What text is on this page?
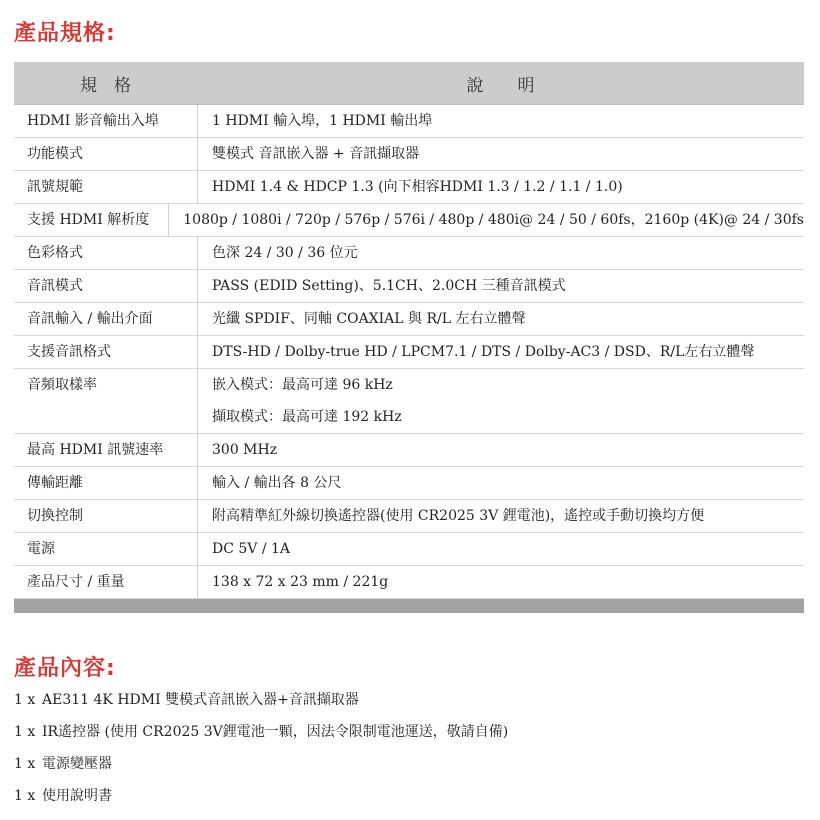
產品規格:
規　格	說　　明
HDMI 影音輸出入埠	1 HDMI 輸入埠，1 HDMI 輸出埠
功能模式	雙模式 音訊嵌入器 + 音訊擷取器
訊號規範	HDMI 1.4 & HDCP 1.3 (向下相容HDMI 1.3 / 1.2 / 1.1 / 1.0)
支援 HDMI 解析度	1080p / 1080i / 720p / 576p / 576i / 480p / 480i@ 24 / 50 / 60fs，2160p (4K)@ 24 / 30fs
色彩格式	色深 24 / 30 / 36 位元
音訊模式	PASS (EDID Setting)、5.1CH、2.0CH 三種音訊模式
音訊輸入 / 輸出介面	光纖 SPDIF、同軸 COAXIAL 與 R/L 左右立體聲
支援音訊格式	DTS-HD / Dolby-true HD / LPCM7.1 / DTS / Dolby-AC3 / DSD、R/L左右立體聲
音頻取樣率	嵌入模式：最高可達 96 kHz
擷取模式：最高可達 192 kHz
最高 HDMI 訊號速率	300 MHz
傳輸距離	輸入 / 輸出各 8 公尺
切換控制	附高精準紅外線切換遙控器(使用 CR2025 3V 鋰電池)，遙控或手動切換均方便
電源	DC 5V / 1A
產品尺寸 / 重量	138 x 72 x 23 mm / 221g
產品內容:
1 x AE311 4K HDMI 雙模式音訊嵌入器+音訊擷取器
1 x IR遙控器 (使用 CR2025 3V鋰電池一顆，因法令限制電池運送，敬請自備)
1 x 電源變壓器
1 x 使用說明書
